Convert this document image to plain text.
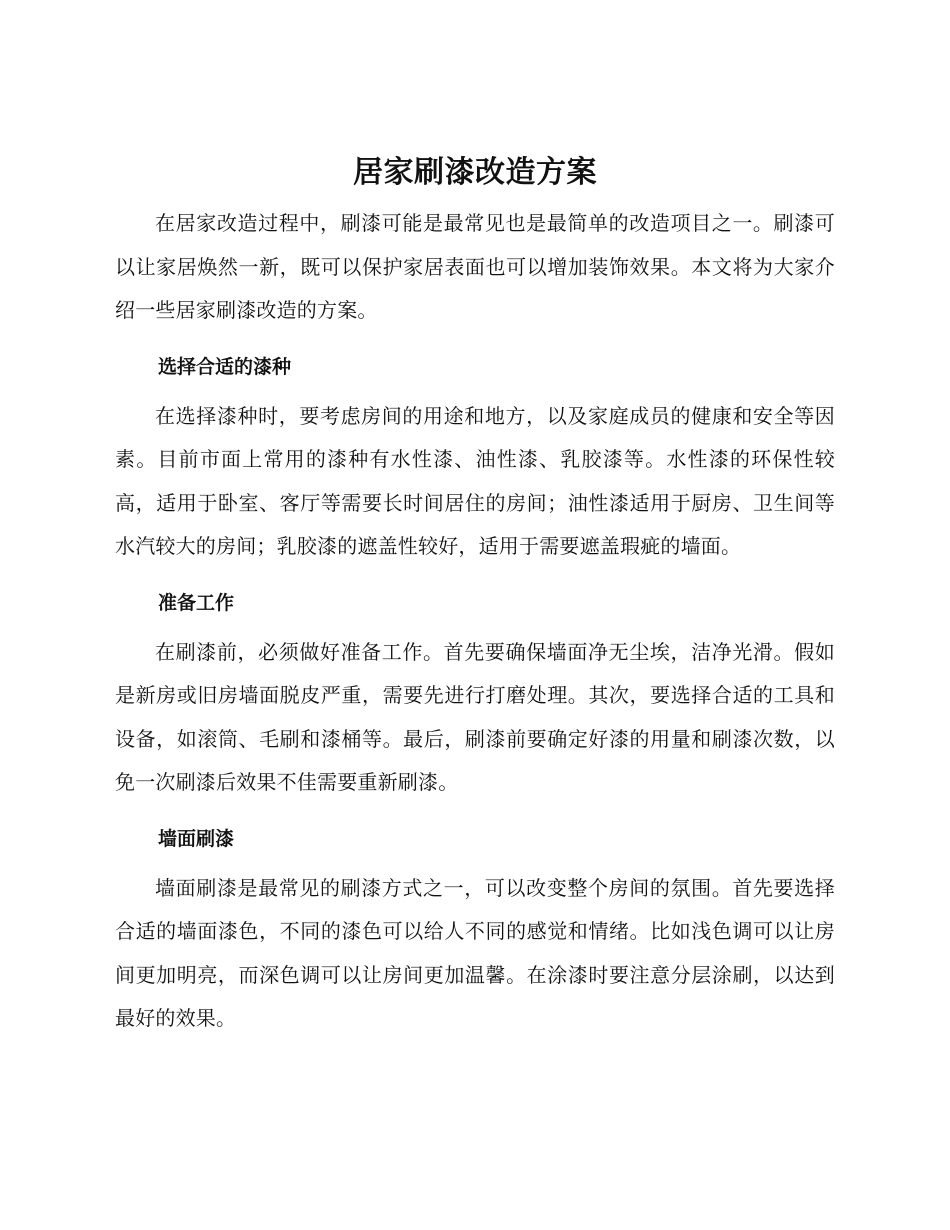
居家刷漆改造方案

在居家改造过程中，刷漆可能是最常见也是最简单的改造项目之一。刷漆可以让家居焕然一新，既可以保护家居表面也可以增加装饰效果。本文将为大家介绍一些居家刷漆改造的方案。

选择合适的漆种

在选择漆种时，要考虑房间的用途和地方，以及家庭成员的健康和安全等因素。目前市面上常用的漆种有水性漆、油性漆、乳胶漆等。水性漆的环保性较高，适用于卧室、客厅等需要长时间居住的房间；油性漆适用于厨房、卫生间等水汽较大的房间；乳胶漆的遮盖性较好，适用于需要遮盖瑕疵的墙面。

准备工作

在刷漆前，必须做好准备工作。首先要确保墙面净无尘埃，洁净光滑。假如是新房或旧房墙面脱皮严重，需要先进行打磨处理。其次，要选择合适的工具和设备，如滚筒、毛刷和漆桶等。最后，刷漆前要确定好漆的用量和刷漆次数，以免一次刷漆后效果不佳需要重新刷漆。

墙面刷漆

墙面刷漆是最常见的刷漆方式之一，可以改变整个房间的氛围。首先要选择合适的墙面漆色，不同的漆色可以给人不同的感觉和情绪。比如浅色调可以让房间更加明亮，而深色调可以让房间更加温馨。在涂漆时要注意分层涂刷，以达到最好的效果。
